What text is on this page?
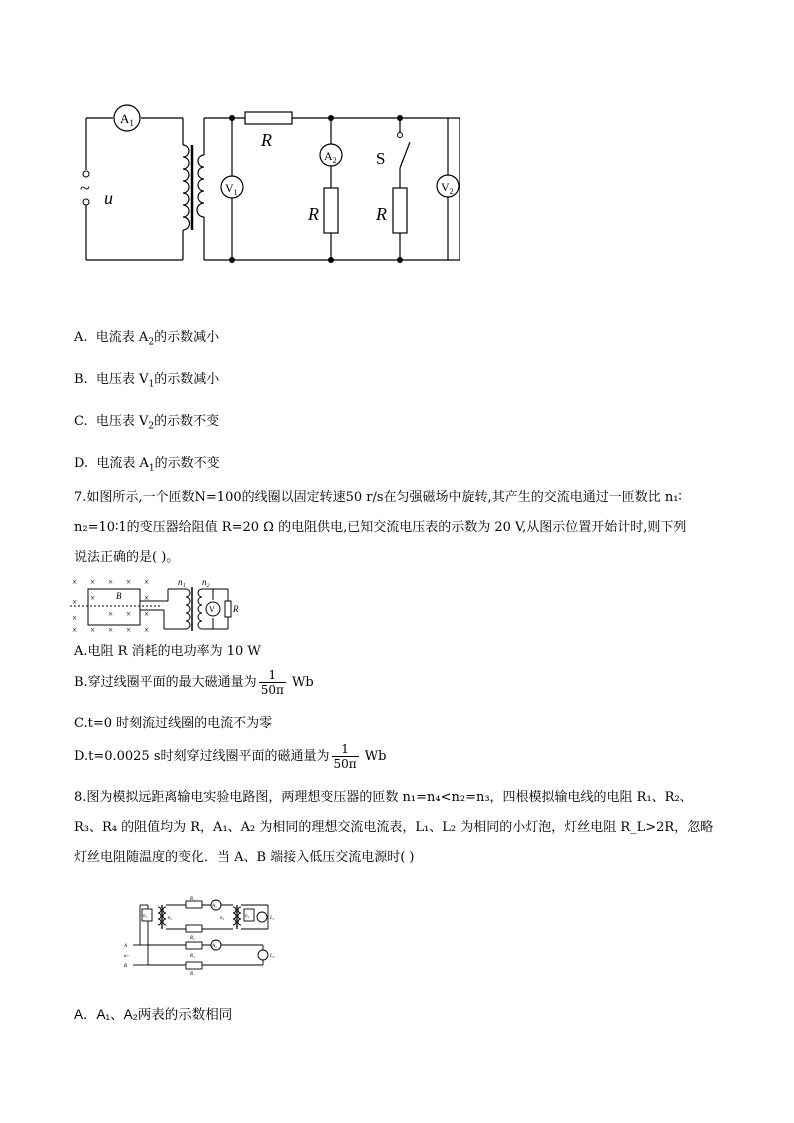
$A_1$
$V_1$
$A_2$
$V_2$
R
R	R
u
S
~
A. 电流表 $A_2$的示数减小
B. 电压表 $V_1$的示数减小
C. 电压表 $V_2$的示数不变
D. 电流表 $A_1$的示数不变
7.如图所示,一个匝数N=100的线圈以固定转速50 r/s在匀强磁场中旋转,其产生的交流电通过一匝数比 n₁∶
n₂=10∶1的变压器给阻值 R=20 Ω 的电阻供电,已知交流电压表的示数为 20 V,从图示位置开始计时,则下列
说法正确的是( )。
× × × × ×
× ×	×
×	× × ×
× × × × ×
B
n₁ n₂
R
V
A.电阻 R 消耗的电功率为 10 W
B.穿过线圈平面的最大磁通量为 $\frac{1}{50\pi}$ Wb
C.t=0 时刻流过线圈的电流不为零
D.t=0.0025 s时刻穿过线圈平面的磁通量为 $\frac{1}{50\pi}$ Wb
8.图为模拟远距离输电实验电路图，两理想变压器的匝数 n₁=n₄<n₂=n₃，四根模拟输电线的电阻 R₁、R₂、
R₃、R₄ 的阻值均为 R，A₁、A₂ 为相同的理想交流电流表，L₁、L₂ 为相同的小灯泡，灯丝电阻 R_L>2R，忽略
灯丝电阻随温度的变化．当 A、B 端接入低压交流电源时( )
n₁	n₂	n₃	n₄
R₁
R₂
R₃
R₄
A₁
A₂
L₁
L₂
A
B
u~
A．A₁、A₂两表的示数相同
